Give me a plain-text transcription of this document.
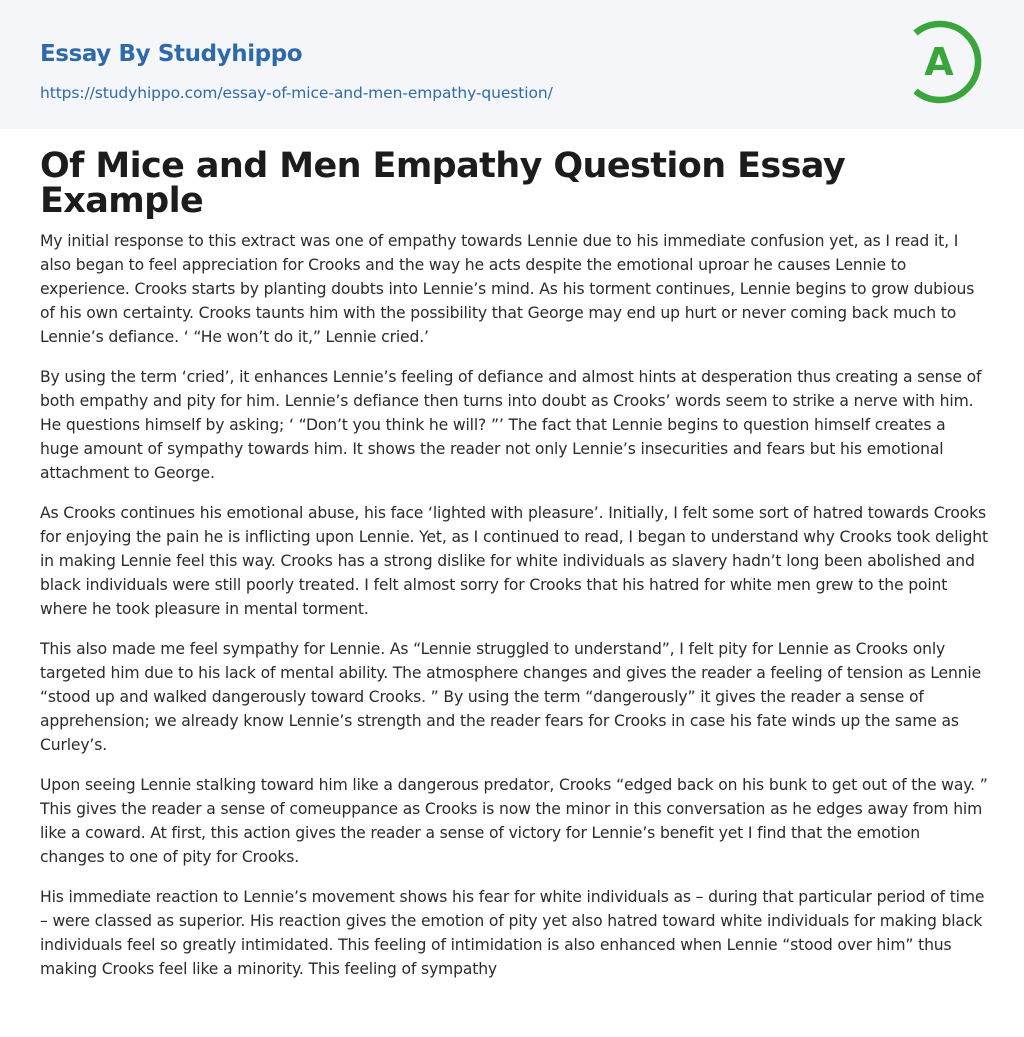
Essay By Studyhippo
https://studyhippo.com/essay-of-mice-and-men-empathy-question/
A
Of Mice and Men Empathy Question Essay Example

My initial response to this extract was one of empathy towards Lennie due to his immediate confusion yet, as I read it, I also began to feel appreciation for Crooks and the way he acts despite the emotional uproar he causes Lennie to experience. Crooks starts by planting doubts into Lennie’s mind. As his torment continues, Lennie begins to grow dubious of his own certainty. Crooks taunts him with the possibility that George may end up hurt or never coming back much to Lennie’s defiance. ‘ “He won’t do it,” Lennie cried.’

By using the term ‘cried’, it enhances Lennie’s feeling of defiance and almost hints at desperation thus creating a sense of both empathy and pity for him. Lennie’s defiance then turns into doubt as Crooks’ words seem to strike a nerve with him. He questions himself by asking; ‘ “Don’t you think he will? ”’ The fact that Lennie begins to question himself creates a huge amount of sympathy towards him. It shows the reader not only Lennie’s insecurities and fears but his emotional attachment to George.

As Crooks continues his emotional abuse, his face ‘lighted with pleasure’. Initially, I felt some sort of hatred towards Crooks for enjoying the pain he is inflicting upon Lennie. Yet, as I continued to read, I began to understand why Crooks took delight in making Lennie feel this way. Crooks has a strong dislike for white individuals as slavery hadn’t long been abolished and black individuals were still poorly treated. I felt almost sorry for Crooks that his hatred for white men grew to the point where he took pleasure in mental torment.

This also made me feel sympathy for Lennie. As “Lennie struggled to understand”, I felt pity for Lennie as Crooks only targeted him due to his lack of mental ability. The atmosphere changes and gives the reader a feeling of tension as Lennie “stood up and walked dangerously toward Crooks. ” By using the term “dangerously” it gives the reader a sense of apprehension; we already know Lennie’s strength and the reader fears for Crooks in case his fate winds up the same as Curley’s.

Upon seeing Lennie stalking toward him like a dangerous predator, Crooks “edged back on his bunk to get out of the way. ” This gives the reader a sense of comeuppance as Crooks is now the minor in this conversation as he edges away from him like a coward. At first, this action gives the reader a sense of victory for Lennie’s benefit yet I find that the emotion changes to one of pity for Crooks.

His immediate reaction to Lennie’s movement shows his fear for white individuals as – during that particular period of time – were classed as superior. His reaction gives the emotion of pity yet also hatred toward white individuals for making black individuals feel so greatly intimidated. This feeling of intimidation is also enhanced when Lennie “stood over him” thus making Crooks feel like a minority. This feeling of sympathy
